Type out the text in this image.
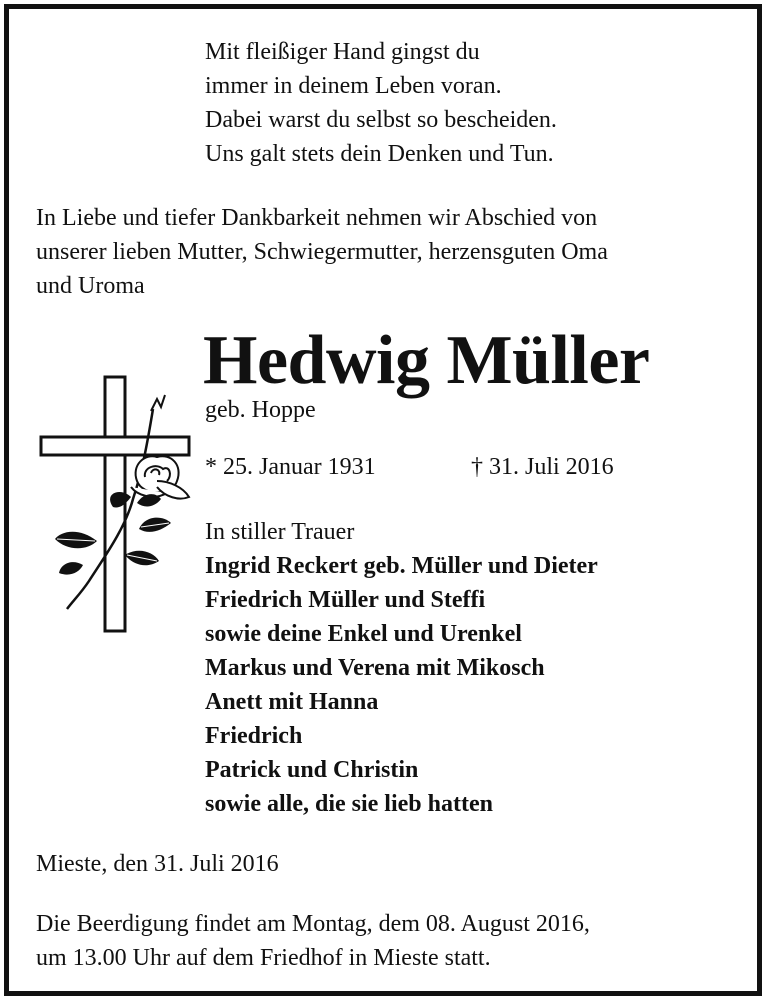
Mit fleißiger Hand gingst du
immer in deinem Leben voran.
Dabei warst du selbst so bescheiden.
Uns galt stets dein Denken und Tun.
In Liebe und tiefer Dankbarkeit nehmen wir Abschied von
unserer lieben Mutter, Schwiegermutter, herzensguten Oma
und Uroma
Hedwig Müller
geb. Hoppe
* 25. Januar 1931	† 31. Juli 2016
In stiller Trauer
Ingrid Reckert geb. Müller und Dieter
Friedrich Müller und Steffi
sowie deine Enkel und Urenkel
Markus und Verena mit Mikosch
Anett mit Hanna
Friedrich
Patrick und Christin
sowie alle, die sie lieb hatten
Mieste, den 31. Juli 2016
Die Beerdigung findet am Montag, dem 08. August 2016,
um 13.00 Uhr auf dem Friedhof in Mieste statt.
